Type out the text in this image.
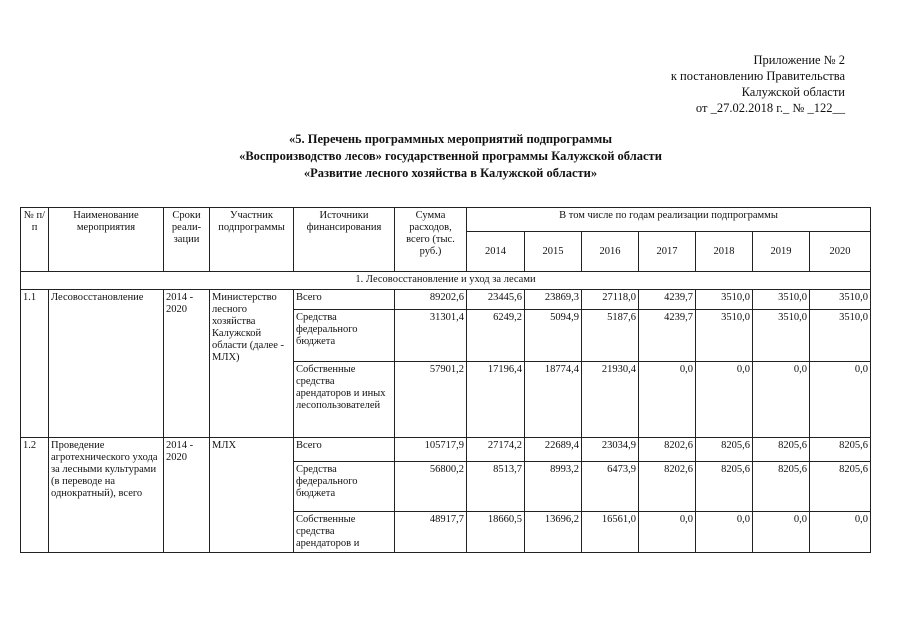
Приложение № 2
к постановлению Правительства
Калужской области
от _27.02.2018 г._ № _122__
«5. Перечень программных мероприятий подпрограммы
«Воспроизводство лесов» государственной программы Калужской области
«Развитие лесного хозяйства в Калужской области»
№ п/п	Наименование мероприятия	Сроки реали-зации	Участник подпрограммы	Источники финансирования	Сумма расходов, всего (тыс. руб.)	В том числе по годам реализации подпрограммы						
						2014	2015	2016	2017	2018	2019	2020
1. Лесовосстановление и уход за лесами												
1.1	Лесовосстановление	2014 - 2020	Министерство лесного хозяйства Калужской области (далее - МЛХ)	Всего	89202,6	23445,6	23869,3	27118,0	4239,7	3510,0	3510,0	3510,0
				Средства федерального бюджета	31301,4	6249,2	5094,9	5187,6	4239,7	3510,0	3510,0	3510,0
				Собственные средства арендаторов и иных лесопользователей	57901,2	17196,4	18774,4	21930,4	0,0	0,0	0,0	0,0
1.2	Проведение агротехнического ухода за лесными культурами (в переводе на однократный), всего	2014 - 2020	МЛХ	Всего	105717,9	27174,2	22689,4	23034,9	8202,6	8205,6	8205,6	8205,6
				Средства федерального бюджета	56800,2	8513,7	8993,2	6473,9	8202,6	8205,6	8205,6	8205,6
				Собственные средства арендаторов и	48917,7	18660,5	13696,2	16561,0	0,0	0,0	0,0	0,0
